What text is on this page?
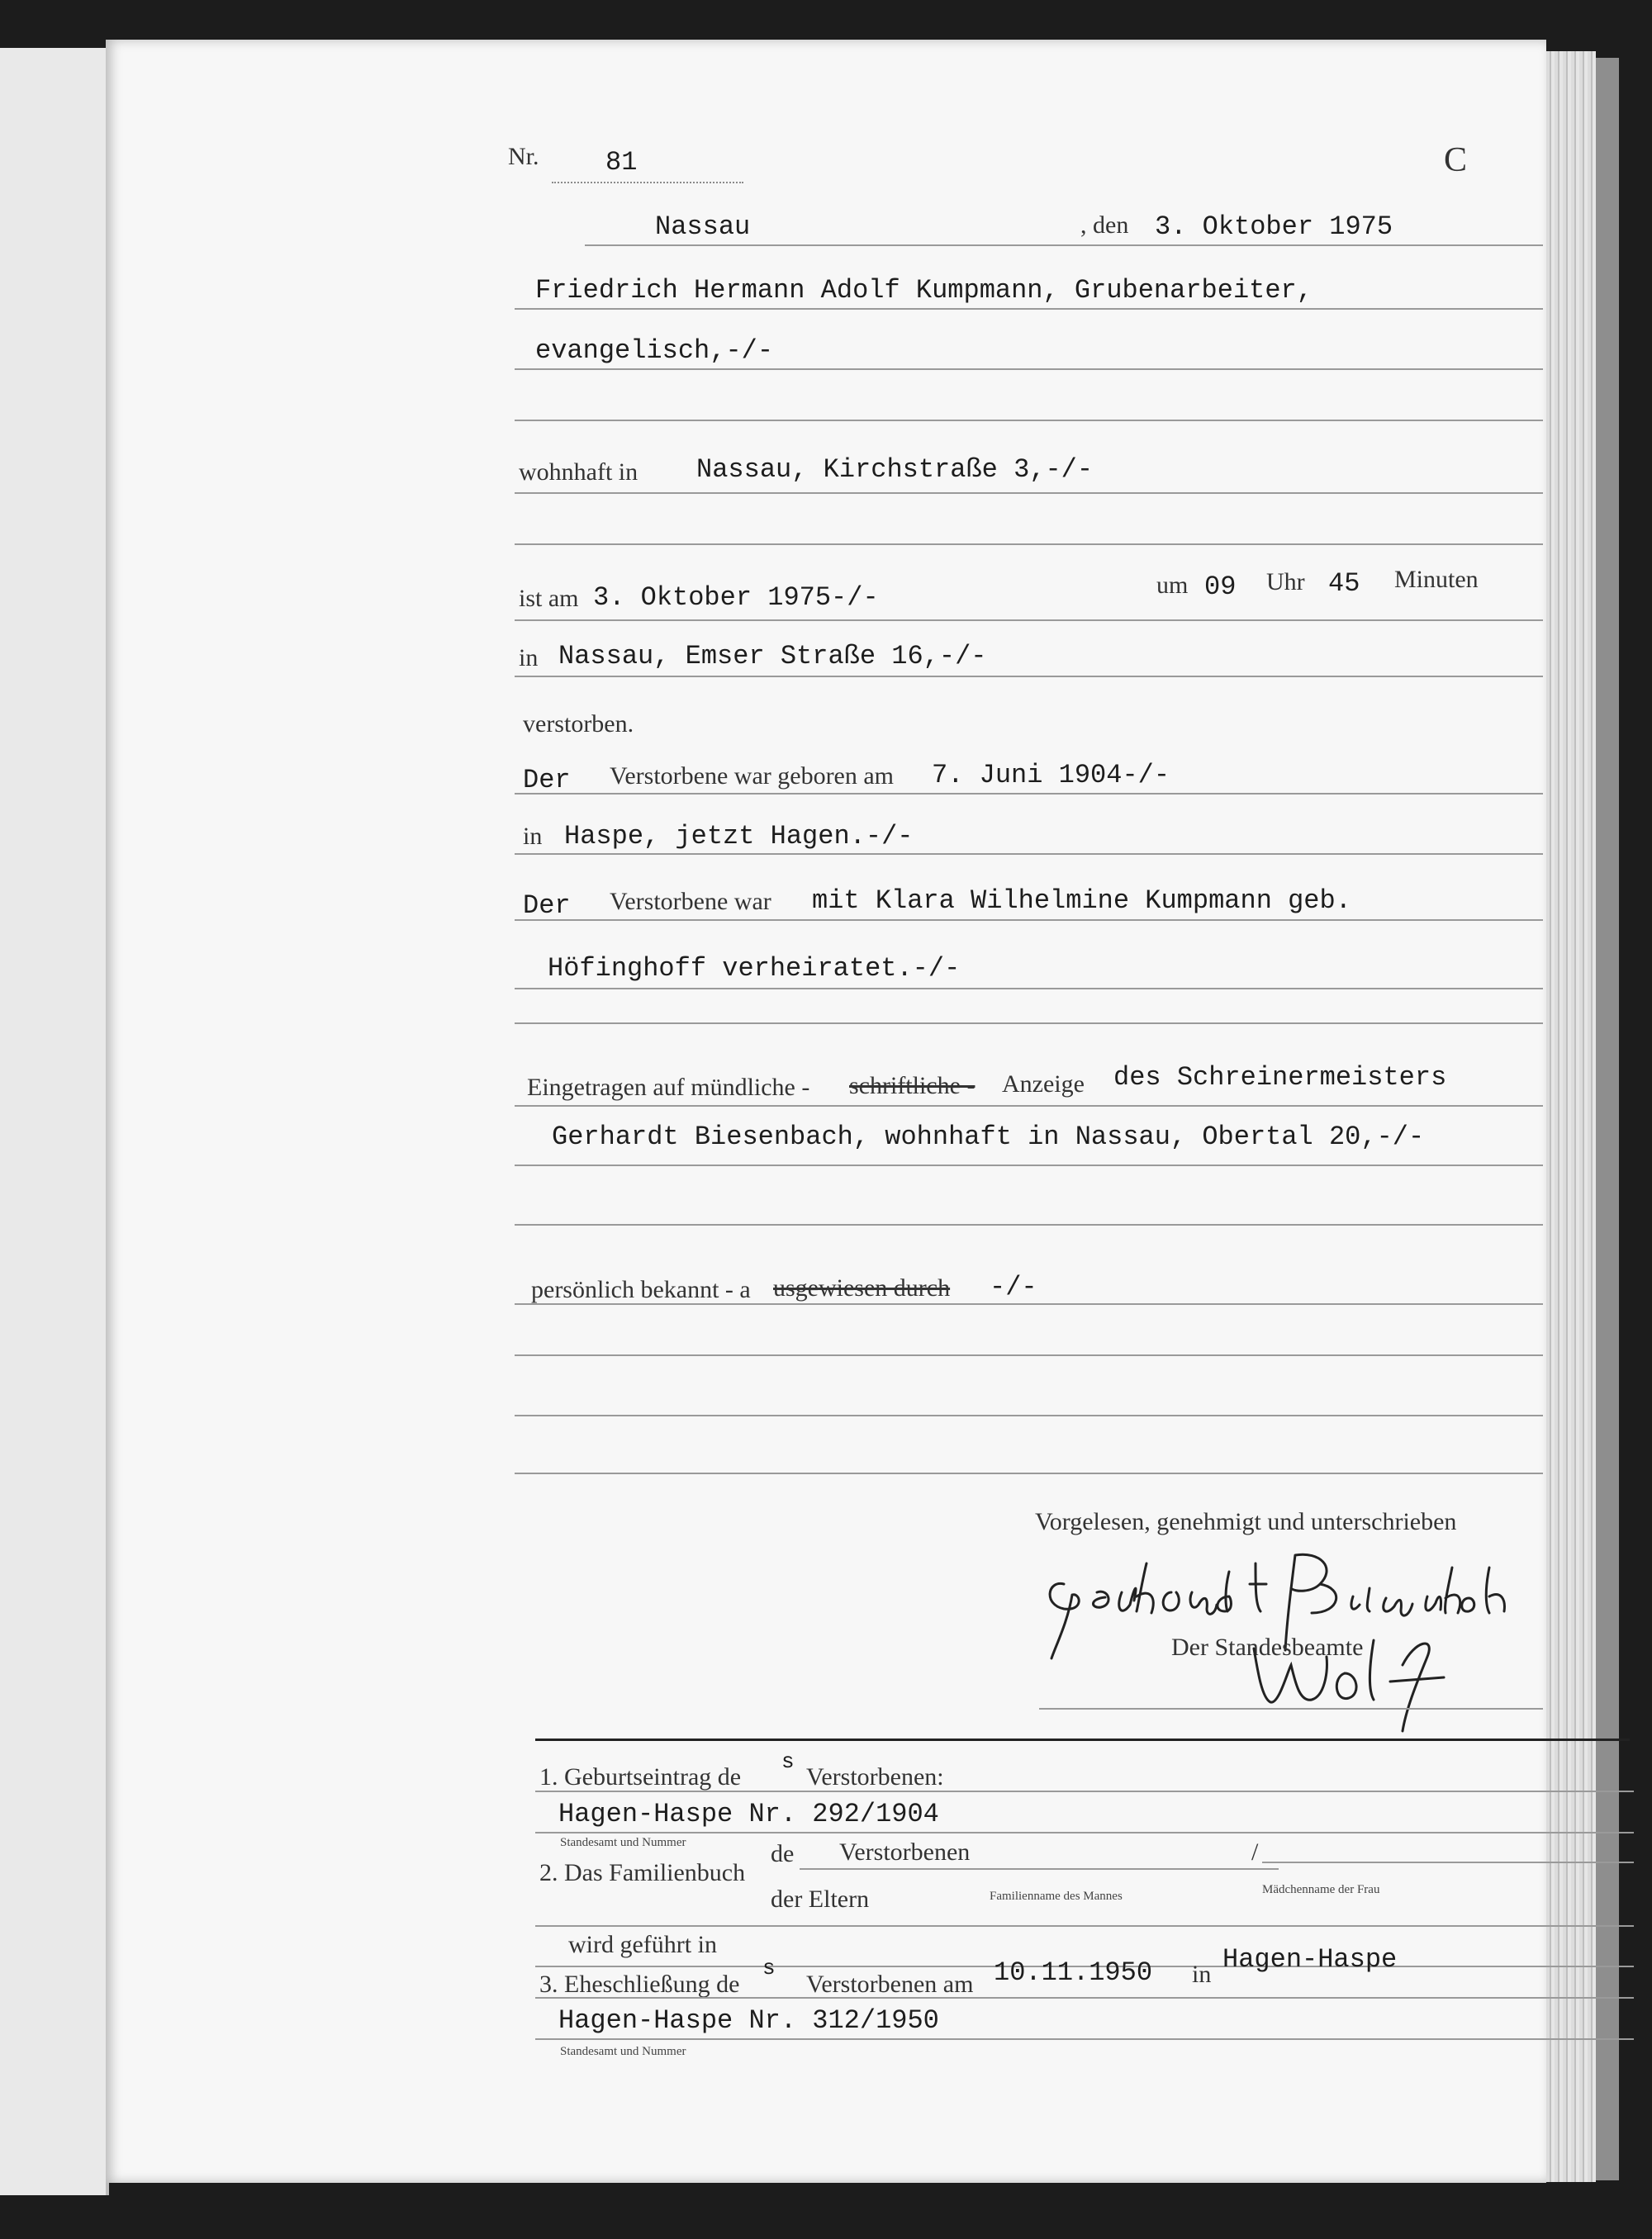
Nr.	81	C
Nassau	, den 3. Oktober 1975
Friedrich Hermann Adolf Kumpmann, Grubenarbeiter,
evangelisch,-/-
wohnhaft in Nassau, Kirchstraße 3,-/-
ist am 3. Oktober 1975-/-	um 09 Uhr 45 Minuten
in Nassau, Emser Straße 16,-/-
verstorben.
Der Verstorbene war geboren am 7. Juni 1904-/-
in Haspe, jetzt Hagen.-/-
Der Verstorbene war mit Klara Wilhelmine Kumpmann geb.
Höfinghoff verheiratet.-/-
Eingetragen auf mündliche - schriftliche - Anzeige des Schreinermeisters
Gerhardt Biesenbach, wohnhaft in Nassau, Obertal 20,-/-
persönlich bekannt - a usgewiesen durch -/-
Vorgelesen, genehmigt und unterschrieben
Der Standesbeamte
1. Geburtseintrag de
s
Verstorbenen:
Hagen-Haspe Nr. 292/1904
Standesamt und Nummer
2. Das Familienbuch
de Verstorbenen	/
Familienname des Mannes	Mädchenname der Frau
der Eltern
wird geführt in
3. Eheschließung de
s
Verstorbenen am 10.11.1950 in Hagen-Haspe
Hagen-Haspe Nr. 312/1950
Standesamt und Nummer
